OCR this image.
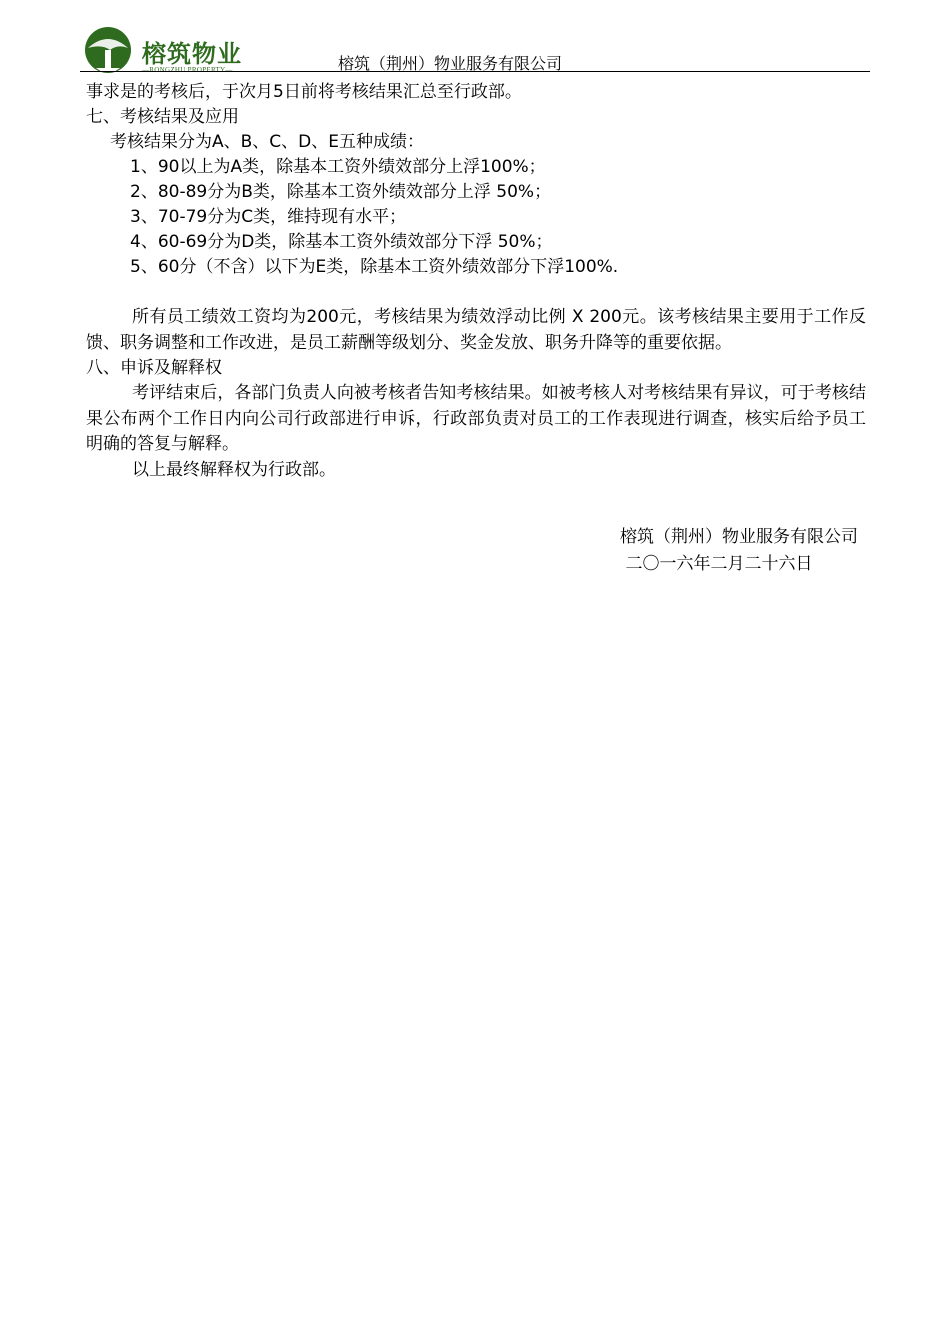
榕筑物业
—RONGZHU PROPERTY—	榕筑（荆州）物业服务有限公司
事求是的考核后，于次月5日前将考核结果汇总至行政部。
七、考核结果及应用
考核结果分为A、B、C、D、E五种成绩：
1、90以上为A类，除基本工资外绩效部分上浮100%；
2、80-89分为B类，除基本工资外绩效部分上浮 50%；
3、70-79分为C类，维持现有水平；
4、60-69分为D类，除基本工资外绩效部分下浮 50%；
5、60分（不含）以下为E类，除基本工资外绩效部分下浮100%.
所有员工绩效工资均为200元，考核结果为绩效浮动比例 X 200元。该考核结果主要用于工作反馈、职务调整和工作改进，是员工薪酬等级划分、奖金发放、职务升降等的重要依据。
八、申诉及解释权
考评结束后，各部门负责人向被考核者告知考核结果。如被考核人对考核结果有异议，可于考核结果公布两个工作日内向公司行政部进行申诉，行政部负责对员工的工作表现进行调查，核实后给予员工明确的答复与解释。
以上最终解释权为行政部。
榕筑（荆州）物业服务有限公司
二〇一六年二月二十六日
